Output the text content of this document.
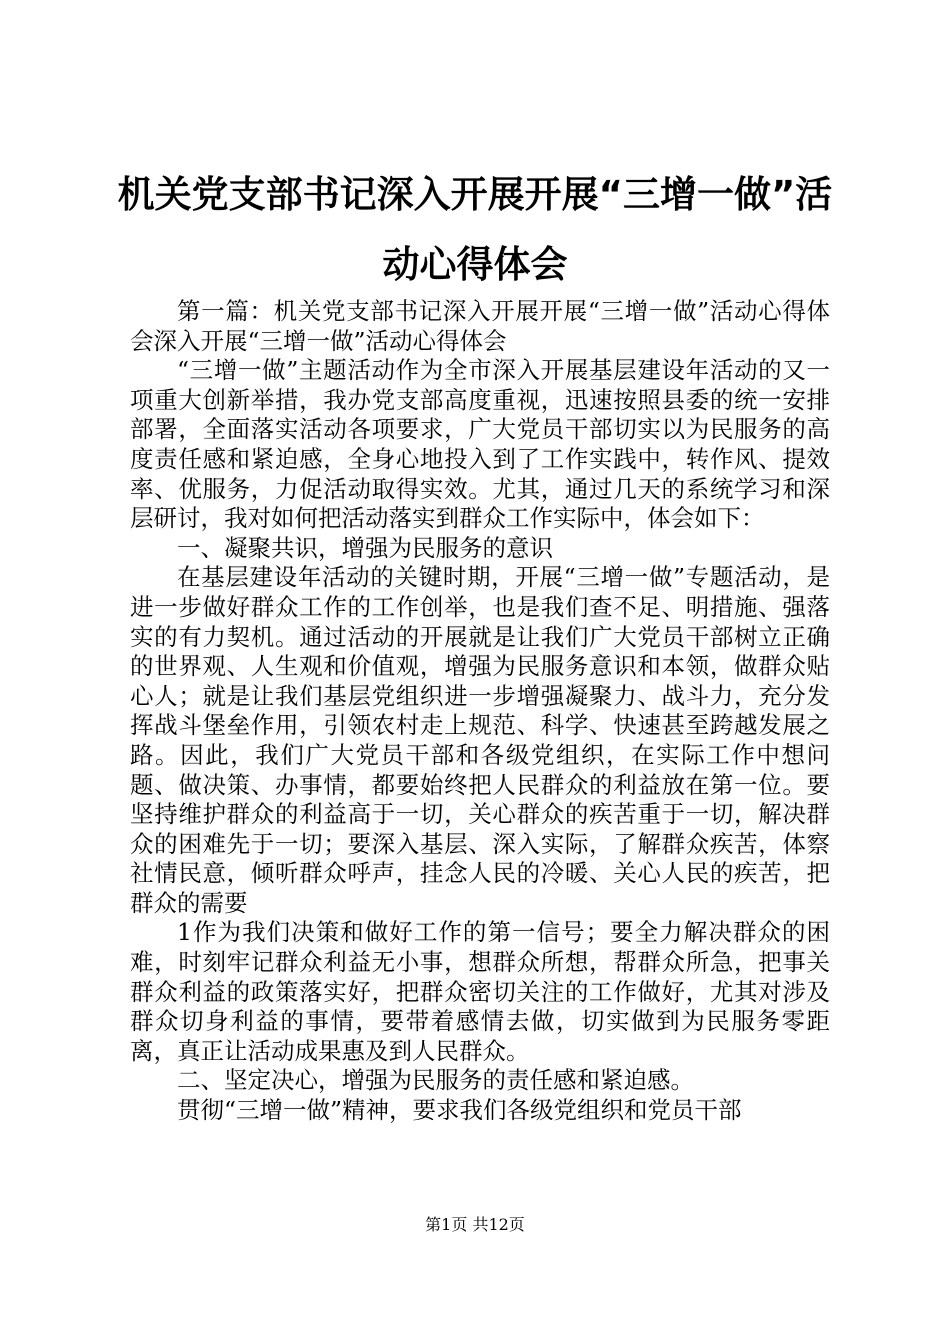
机关党支部书记深入开展开展“三增一做”活
动心得体会

第一篇：机关党支部书记深入开展开展“三增一做”活动心得体会深入开展“三增一做”活动心得体会

“三增一做”主题活动作为全市深入开展基层建设年活动的又一项重大创新举措，我办党支部高度重视，迅速按照县委的统一安排部署，全面落实活动各项要求，广大党员干部切实以为民服务的高度责任感和紧迫感，全身心地投入到了工作实践中，转作风、提效率、优服务，力促活动取得实效。尤其，通过几天的系统学习和深层研讨，我对如何把活动落实到群众工作实际中，体会如下：

一、凝聚共识，增强为民服务的意识

在基层建设年活动的关键时期，开展“三增一做”专题活动，是进一步做好群众工作的工作创举，也是我们查不足、明措施、强落实的有力契机。通过活动的开展就是让我们广大党员干部树立正确的世界观、人生观和价值观，增强为民服务意识和本领，做群众贴心人；就是让我们基层党组织进一步增强凝聚力、战斗力，充分发挥战斗堡垒作用，引领农村走上规范、科学、快速甚至跨越发展之路。因此，我们广大党员干部和各级党组织，在实际工作中想问题、做决策、办事情，都要始终把人民群众的利益放在第一位。要坚持维护群众的利益高于一切，关心群众的疾苦重于一切，解决群众的困难先于一切；要深入基层、深入实际，了解群众疾苦，体察社情民意，倾听群众呼声，挂念人民的冷暖、关心人民的疾苦，把群众的需要

1作为我们决策和做好工作的第一信号；要全力解决群众的困难，时刻牢记群众利益无小事，想群众所想，帮群众所急，把事关群众利益的政策落实好，把群众密切关注的工作做好，尤其对涉及群众切身利益的事情，要带着感情去做，切实做到为民服务零距离，真正让活动成果惠及到人民群众。

二、坚定决心，增强为民服务的责任感和紧迫感。

贯彻“三增一做”精神，要求我们各级党组织和党员干部

第1页 共12页
